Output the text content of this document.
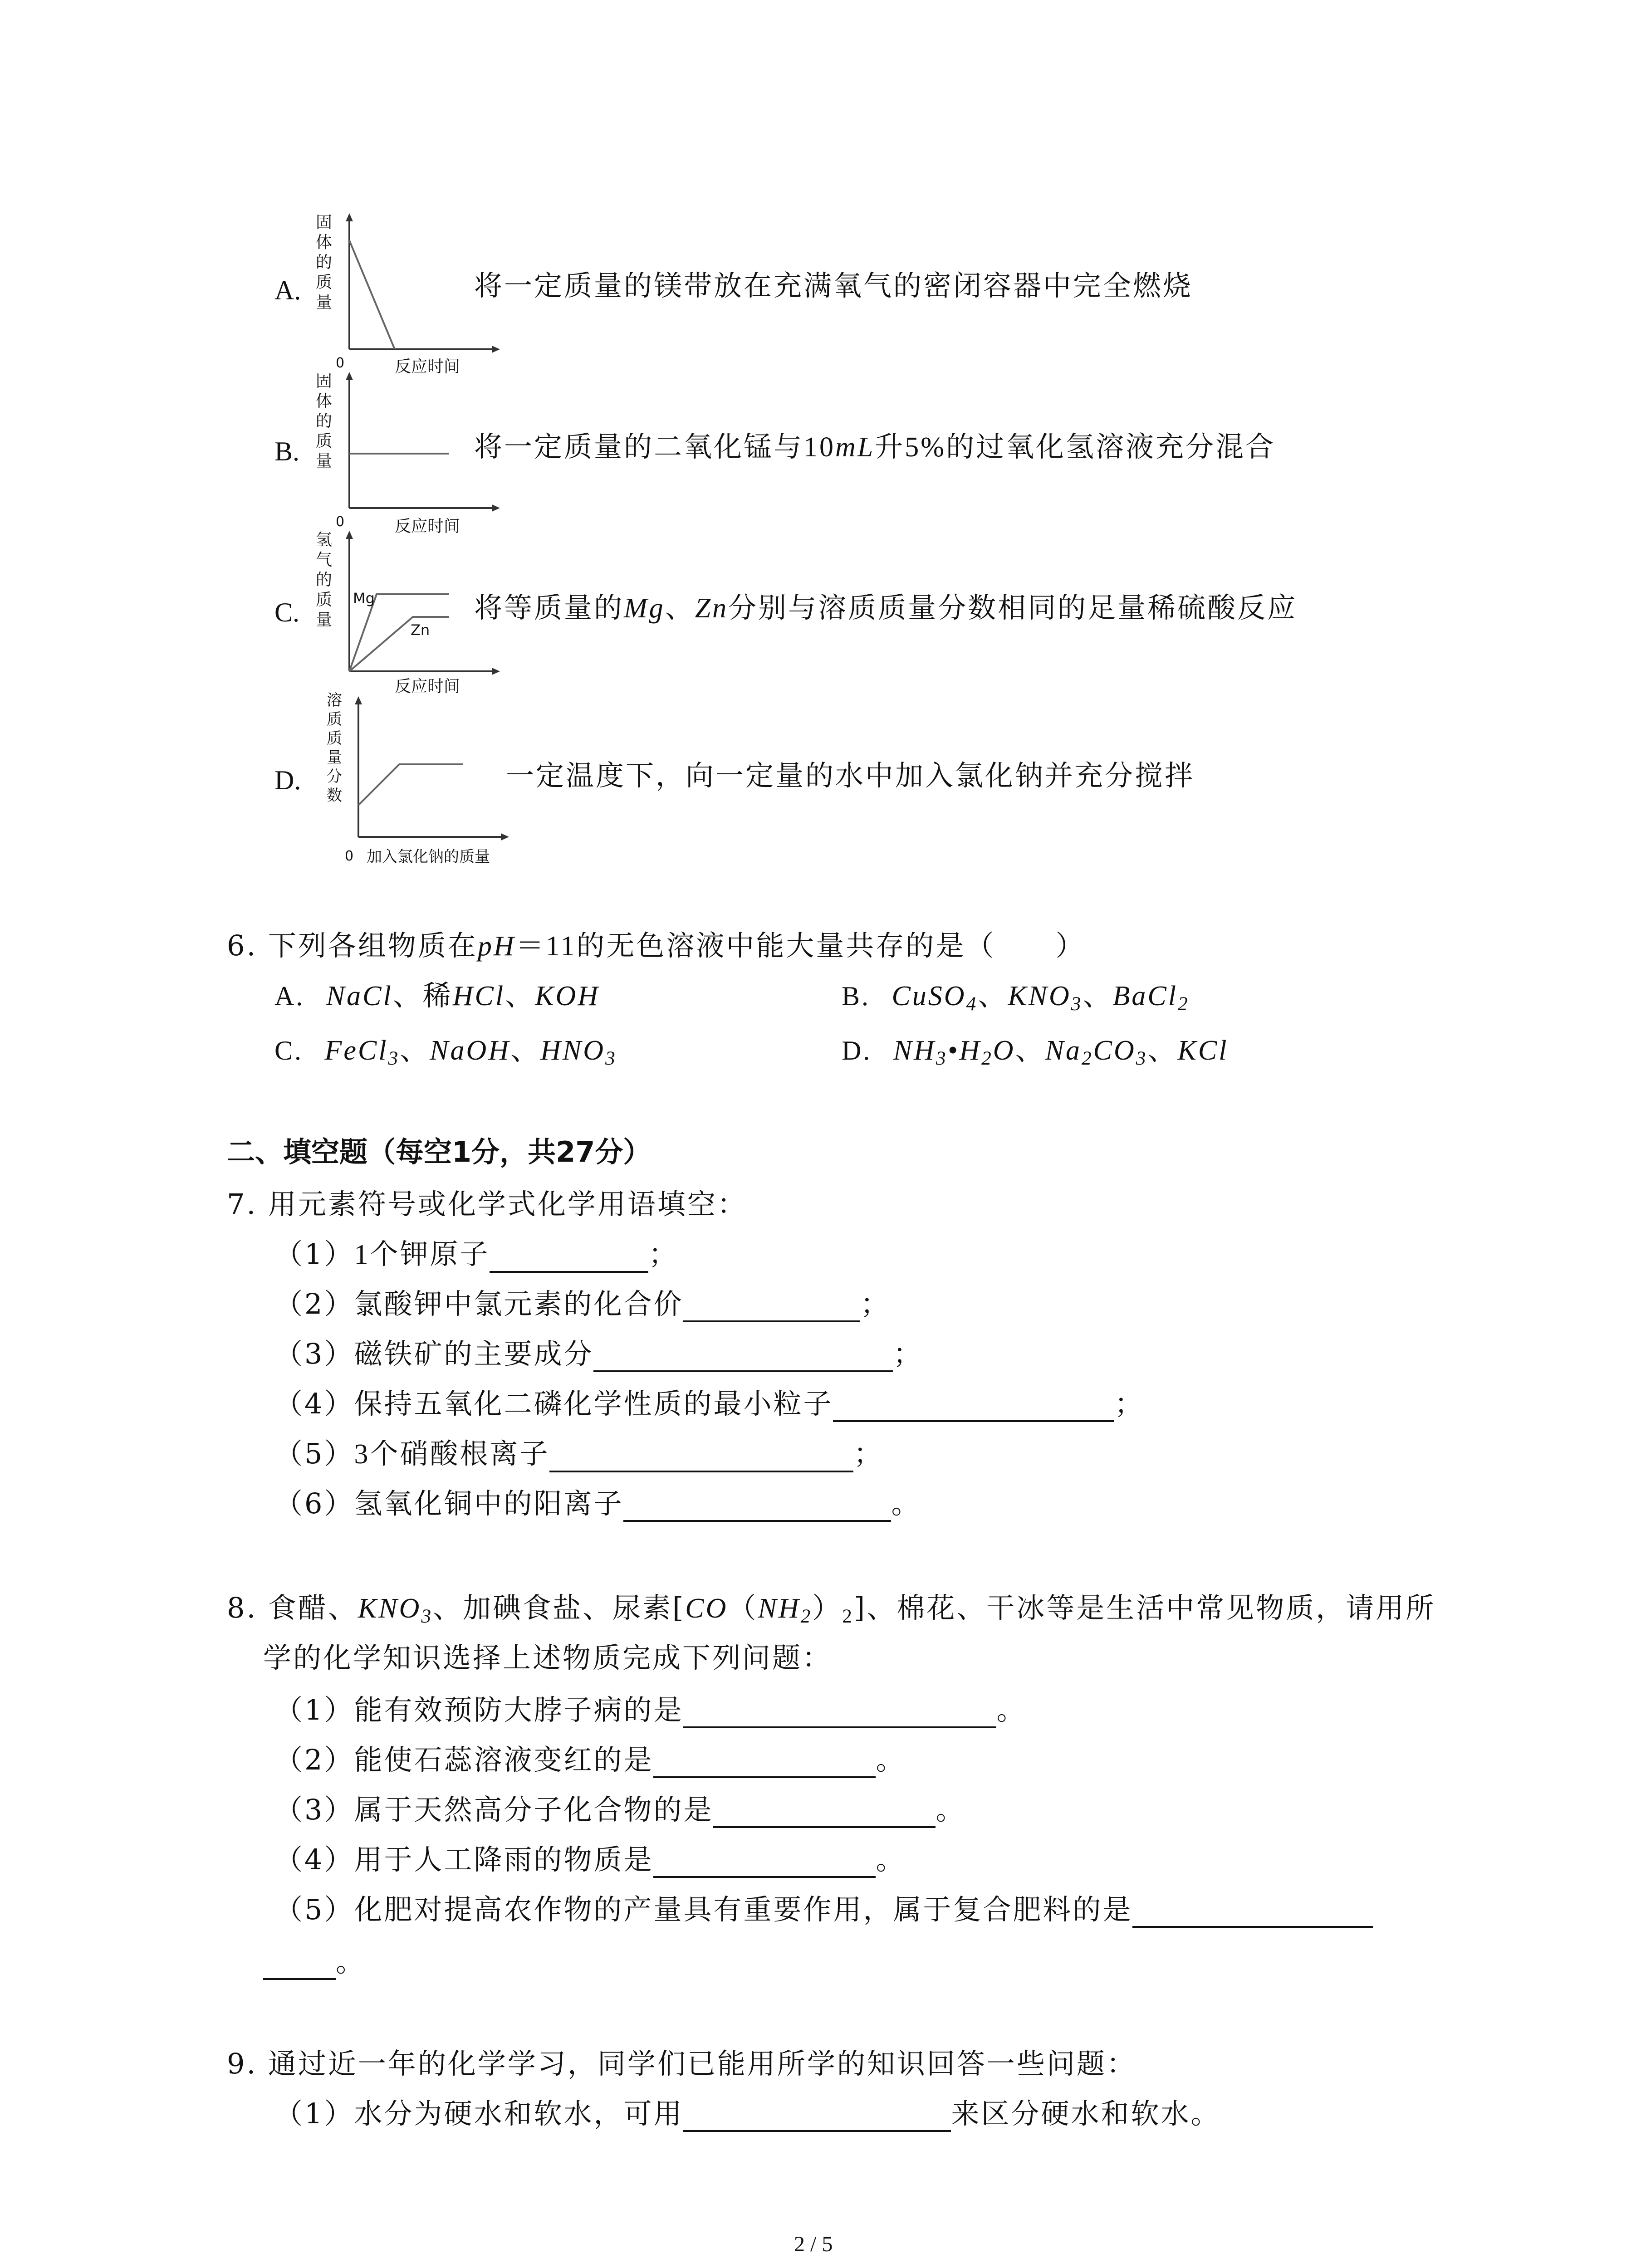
A.
固
体
的
质
量
0	反应时间
将一定质量的镁带放在充满氧气的密闭容器中完全燃烧
B.
固
体
的
质
量
0	反应时间
将一定质量的二氧化锰与10mL升5%的过氧化氢溶液充分混合
C.
氢
气
的
质
量
Mg
Zn
反应时间
将等质量的Mg、Zn分别与溶质质量分数相同的足量稀硫酸反应
D.
溶
质
质
量
分
数
0 加入氯化钠的质量
一定温度下，向一定量的水中加入氯化钠并充分搅拌
6. 下列各组物质在pH＝11的无色溶液中能大量共存的是（　　）
A. NaCl、稀HCl、KOH	B. CuSO$_4$、$KNO_3$、BaCl$_2$
C. FeCl$_3$、NaOH、$HNO_3$	D. $NH_3•H_2O$、$Na_2CO_3$、KCl
二、填空题（每空1分，共27分）
7. 用元素符号或化学式化学用语填空：
（1）1个钾原子	；
（2）氯酸钾中氯元素的化合价	；
（3）磁铁矿的主要成分	；
（4）保持五氧化二磷化学性质的最小粒子	；
（5）3个硝酸根离子	；
（6）氢氧化铜中的阳离子	。
8. 食醋、$KNO_3$、加碘食盐、尿素$[CO(NH_2)_2]$、棉花、干冰等是生活中常见物质，请用所
学的化学知识选择上述物质完成下列问题：
（1）能有效预防大脖子病的是	。
（2）能使石蕊溶液变红的是	。
（3）属于天然高分子化合物的是	。
（4）用于人工降雨的物质是	。
（5）化肥对提高农作物的产量具有重要作用，属于复合肥料的是
。
9. 通过近一年的化学学习，同学们已能用所学的知识回答一些问题：
（1）水分为硬水和软水，可用	来区分硬水和软水。
2 / 5
